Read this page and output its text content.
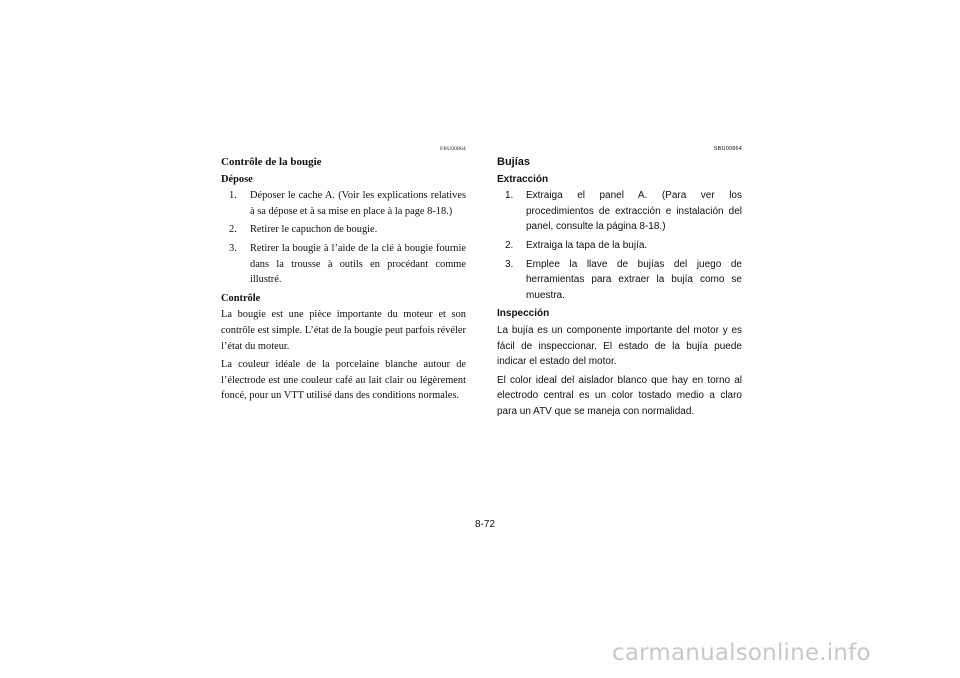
FBU00864
Contrôle de la bougie
Dépose
1. Déposer le cache A. (Voir les explications relatives à sa dépose et à sa mise en place à la page 8-18.)
2. Retirer le capuchon de bougie.
3. Retirer la bougie à l’aide de la clé à bougie fournie dans la trousse à outils en procédant comme illustré.
Contrôle

La bougie est une pièce importante du moteur et son contrôle est simple. L’état de la bougie peut parfois révéler l’état du moteur.

La couleur idéale de la porcelaine blanche autour de l’électrode est une couleur café au lait clair ou légèrement foncé, pour un VTT utilisé dans des conditions normales.

SBU00864
Bujías
Extracción
1. Extraiga el panel A. (Para ver los procedimientos de extracción e instalación del panel, consulte la página 8-18.)
2. Extraiga la tapa de la bujía.
3. Emplee la llave de bujías del juego de herramientas para extraer la bujía como se muestra.
Inspección

La bujía es un componente importante del motor y es fácil de inspeccionar. El estado de la bujía puede indicar el estado del motor.

El color ideal del aislador blanco que hay en torno al electrodo central es un color tostado medio a claro para un ATV que se maneja con normalidad.

8-72
carmanualsonline.info
